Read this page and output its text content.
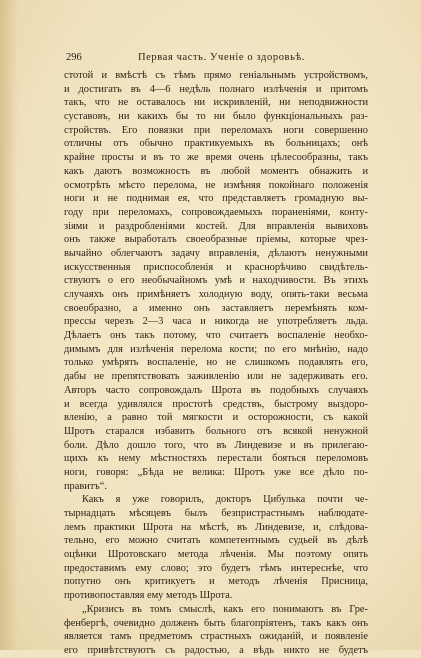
296	Первая часть. Ученіе о здоровьѣ.
стотой и вмѣстѣ съ тѣмъ прямо геніальнымъ устройствомъ,
и достигать въ 4—6 недѣль полнаго излѣченія и притомъ
такъ, что не оставалось ни искривленій, ни неподвижности
суставовъ, ни какихъ бы то ни было функціональныхъ раз-
стройствъ. Его повязки при переломахъ ноги совершенно
отличны отъ обычно практикуемыхъ въ больницахъ; онѣ
крайне просты и въ то же время очень цѣлесообразны, такъ
какъ даютъ возможность въ любой моментъ обнажить и
осмотрѣть мѣсто перелома, не измѣняя покойнаго положенія
ноги и не поднимая ея, что представляетъ громадную вы-
году при переломахъ, сопровождаемыхъ пораненіями, конту-
зіями и раздробленіями костей. Для вправленія вывиховъ
онъ также выработалъ своеобразные пріемы, которые чрез-
вычайно облегчаютъ задачу вправленія, дѣлаютъ ненужными
искусственныя приспособленія и краснорѣчиво свидѣтель-
ствуютъ о его необычайномъ умѣ и находчивости. Въ этихъ
случаяхъ онъ примѣняетъ холодную воду, опять-таки весьма
своеобразно, а именно онъ заставляетъ перемѣнять ком-
прессы черезъ 2—3 часа и никогда не употребляетъ льда.
Дѣлаетъ онъ такъ потому, что считаетъ воспаленіе необхо-
димымъ для излѣченія перелома кости; по его мнѣнію, надо
только умѣрять воспаленіе, но не слишкомъ подавлять его,
дабы не препятствовать заживленію или не задерживать его.
Авторъ часто сопровождалъ Шрота въ подобныхъ случаяхъ
и всегда удивлялся простотѣ средствъ, быстрому выздоро-
вленію, а равно той мягкости и осторожности, съ какой
Шротъ старался избавить больного отъ всякой ненужной
боли. Дѣло дошло того, что въ Линдевизе и въ прилегаю-
щихъ къ нему мѣстностяхъ перестали бояться переломовъ
ноги, говоря: „Бѣда не велика: Шротъ уже все дѣло по-
правитъ“.
Какъ я уже говорилъ, докторъ Цибулька почти че-
тырнадцать мѣсяцевъ былъ безпристрастнымъ наблюдате-
лемъ практики Шрота на мѣстѣ, въ Линдевизе, и, слѣдова-
тельно, его можно считать компетентнымъ судьей въ дѣлѣ
оцѣнки Шротовскаго метода лѣченія. Мы поэтому опять
предоставимъ ему слово; это будетъ тѣмъ интереснѣе, что
попутно онъ критикуетъ и методъ лѣченія Присница,
противопоставляя ему методъ Шрота.
„Кризисъ въ томъ смыслѣ, какъ его понимаютъ въ Гре-
фенбергѣ, очевидно долженъ быть благопріятенъ, такъ какъ онъ
является тамъ предметомъ страстныхъ ожиданій, и появленіе
его привѣтствуютъ съ радостью, а вѣдь никто не будетъ
